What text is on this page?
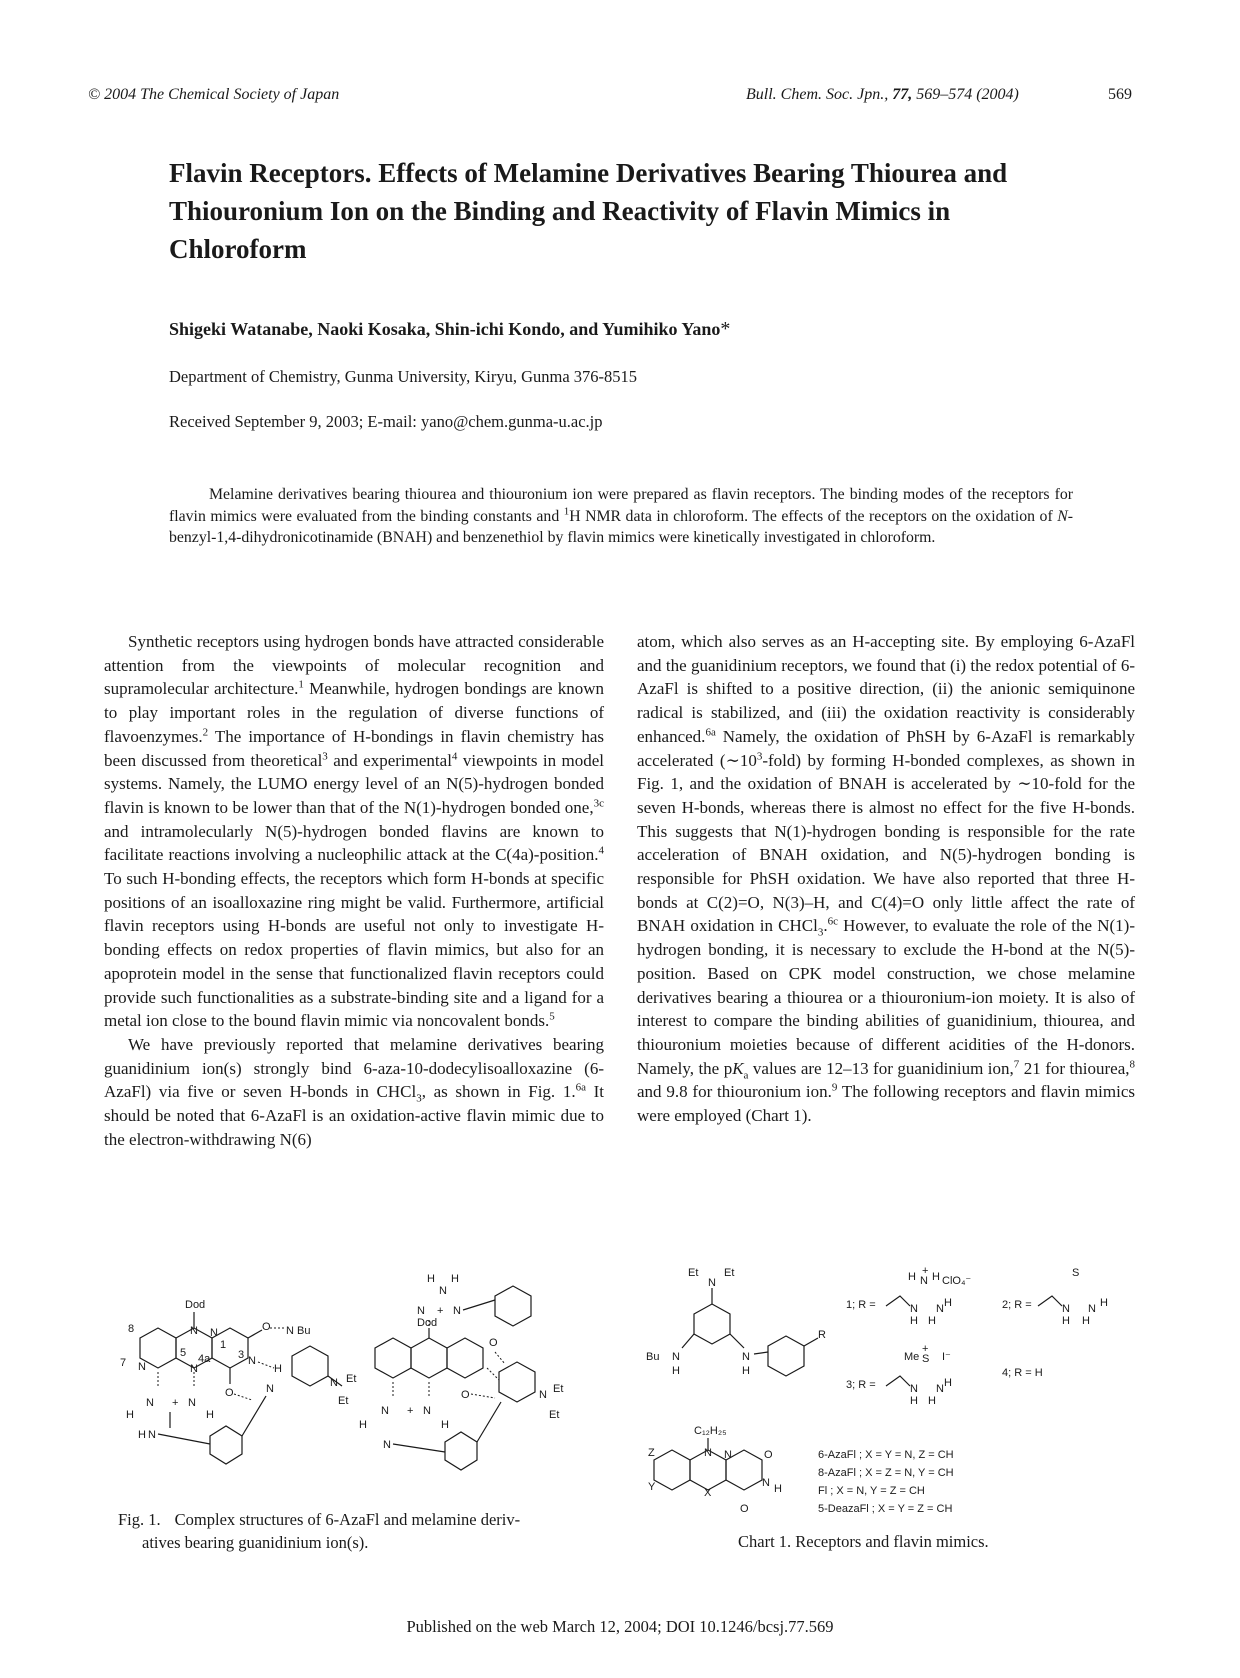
© 2004 The Chemical Society of Japan	Bull. Chem. Soc. Jpn., 77, 569–574 (2004)	569
Flavin Receptors. Effects of Melamine Derivatives Bearing Thiourea and Thiouronium Ion on the Binding and Reactivity of Flavin Mimics in Chloroform
Shigeki Watanabe, Naoki Kosaka, Shin-ichi Kondo, and Yumihiko Yano*
Department of Chemistry, Gunma University, Kiryu, Gunma 376-8515
Received September 9, 2003; E-mail: yano@chem.gunma-u.ac.jp

Melamine derivatives bearing thiourea and thiouronium ion were prepared as flavin receptors. The binding modes of the receptors for flavin mimics were evaluated from the binding constants and $^1$H NMR data in chloroform. The effects of the receptors on the oxidation of N-benzyl-1,4-dihydronicotinamide (BNAH) and benzenethiol by flavin mimics were kinetically investigated in chloroform.

Synthetic receptors using hydrogen bonds have attracted considerable attention from the viewpoints of molecular recognition and supramolecular architecture.$^1$ Meanwhile, hydrogen bondings are known to play important roles in the regulation of diverse functions of flavoenzymes.$^2$ The importance of H-bondings in flavin chemistry has been discussed from theoretical$^3$ and experimental$^4$ viewpoints in model systems. Namely, the LUMO energy level of an N(5)-hydrogen bonded flavin is known to be lower than that of the N(1)-hydrogen bonded one,$^{3c}$ and intramolecularly N(5)-hydrogen bonded flavins are known to facilitate reactions involving a nucleophilic attack at the C(4a)-position.$^4$ To such H-bonding effects, the receptors which form H-bonds at specific positions of an isoalloxazine ring might be valid. Furthermore, artificial flavin receptors using H-bonds are useful not only to investigate H-bonding effects on redox properties of flavin mimics, but also for an apoprotein model in the sense that functionalized flavin receptors could provide such functionalities as a substrate-binding site and a ligand for a metal ion close to the bound flavin mimic via noncovalent bonds.$^5$

We have previously reported that melamine derivatives bearing guanidinium ion(s) strongly bind 6-aza-10-dodecylisoalloxazine (6-AzaFl) via five or seven H-bonds in CHCl$_3$, as shown in Fig. 1.$^{6a}$ It should be noted that 6-AzaFl is an oxidation-active flavin mimic due to the electron-withdrawing N(6)

atom, which also serves as an H-accepting site. By employing 6-AzaFl and the guanidinium receptors, we found that (i) the redox potential of 6-AzaFl is shifted to a positive direction, (ii) the anionic semiquinone radical is stabilized, and (iii) the oxidation reactivity is considerably enhanced.$^{6a}$ Namely, the oxidation of PhSH by 6-AzaFl is remarkably accelerated $(\sim 10^3-fold)$ by forming H-bonded complexes, as shown in Fig. 1, and the oxidation of BNAH is accelerated by ∼10-fold for the seven H-bonds, whereas there is almost no effect for the five H-bonds. This suggests that N(1)-hydrogen bonding is responsible for the rate acceleration of BNAH oxidation, and N(5)-hydrogen bonding is responsible for PhSH oxidation. We have also reported that three H-bonds at C(2)=O, N(3)–H, and C(4)=O only little affect the rate of BNAH oxidation in CHCl$_3$.$^{6c}$ However, to evaluate the role of the N(1)-hydrogen bonding, it is necessary to exclude the H-bond at the N(5)-position. Based on CPK model construction, we chose melamine derivatives bearing a thiourea or a thiouronium-ion moiety. It is also of interest to compare the binding abilities of guanidinium, thiourea, and thiouronium moieties because of different acidities of the H-donors. Namely, the $pK_a$ values are 12–13 for guanidinium ion,$^7$ 21 for thiourea,$^8$ and 9.8 for thiouronium ion.$^9$ The following receptors and flavin mimics were employed (Chart 1).

Dod
N
N
N
N
N
8
7
1
3
5 4a
O
O
N Bu
H
N Et
Et
N
N + N
H	H
N
H
Dod
O
O
H
N
H
N + N
N Et
Et
N + N
H	H
N
Fig. 1. Complex structures of 6-AzaFl and melamine deriv-
atives bearing guanidinium ion(s).
N
Et Et
Bu N
H
N
H
R
1; R =	N
H
H N
+ H ClO₄⁻
N H
H
2; R =	N
H
S
N H
H
3; R =	N
H
Me S
+
I⁻
N H
H
4; R = H
C₁₂H₂₅
N N
X
Z
Y
O
N H
O
6-AzaFl ; X = Y = N, Z = CH
8-AzaFl ; X = Z = N, Y = CH
Fl ; X = N, Y = Z = CH
5-DeazaFl ; X = Y = Z = CH
Chart 1. Receptors and flavin mimics.
Published on the web March 12, 2004; DOI 10.1246/bcsj.77.569
